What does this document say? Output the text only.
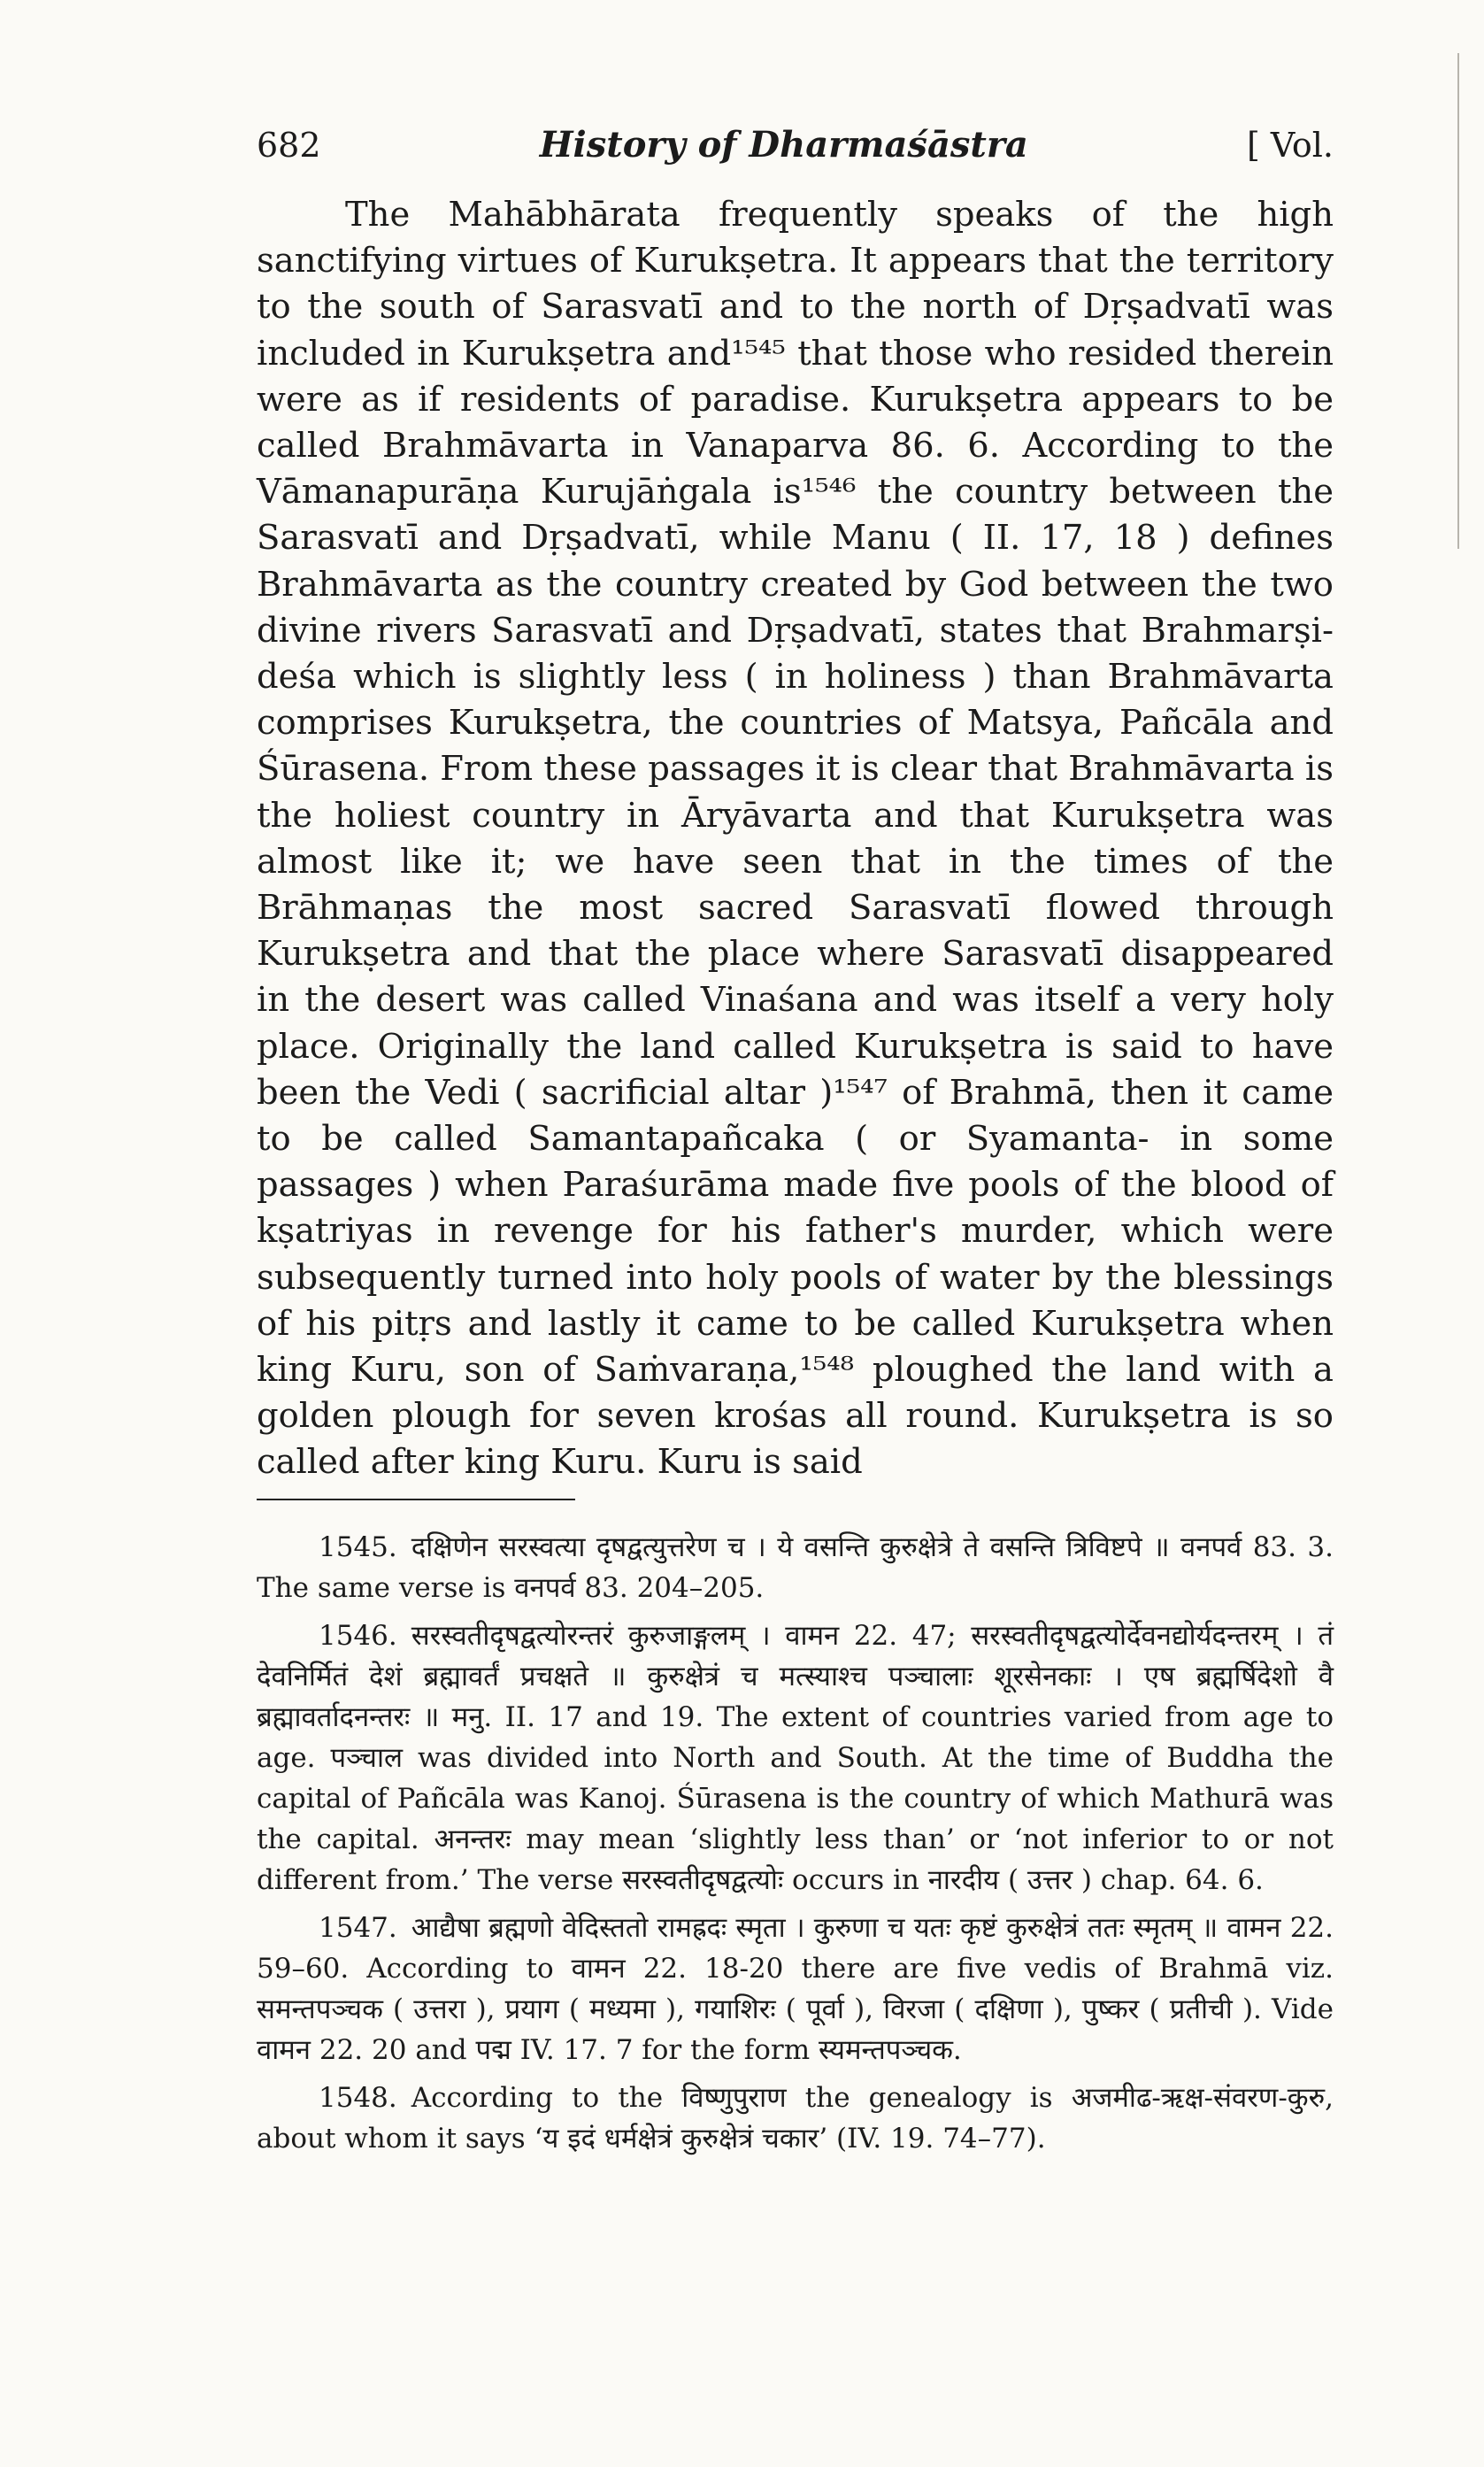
682	History of Dharmaśāstra	[ Vol.

The Mahābhārata frequently speaks of the high sanctifying virtues of Kurukṣetra. It appears that the territory to the south of Sarasvatī and to the north of Dṛṣadvatī was included in Kurukṣetra and¹⁵⁴⁵ that those who resided therein were as if residents of paradise. Kurukṣetra appears to be called Brahmāvarta in Vanaparva 86. 6. According to the Vāmanapurāṇa Kurujāṅgala is¹⁵⁴⁶ the country between the Sarasvatī and Dṛṣadvatī, while Manu ( II. 17, 18 ) defines Brahmāvarta as the country created by God between the two divine rivers Sarasvatī and Dṛṣadvatī, states that Brahmarṣi-deśa which is slightly less ( in holiness ) than Brahmāvarta comprises Kurukṣetra, the countries of Matsya, Pañcāla and Śūrasena. From these passages it is clear that Brahmāvarta is the holiest country in Āryāvarta and that Kurukṣetra was almost like it; we have seen that in the times of the Brāhmaṇas the most sacred Sarasvatī flowed through Kurukṣetra and that the place where Sarasvatī disappeared in the desert was called Vinaśana and was itself a very holy place. Originally the land called Kurukṣetra is said to have been the Vedi ( sacrificial altar )¹⁵⁴⁷ of Brahmā, then it came to be called Samantapañcaka ( or Syamanta- in some passages ) when Paraśurāma made five pools of the blood of kṣatriyas in revenge for his father's murder, which were subsequently turned into holy pools of water by the blessings of his pitṛs and lastly it came to be called Kurukṣetra when king Kuru, son of Saṁvaraṇa,¹⁵⁴⁸ ploughed the land with a golden plough for seven krośas all round. Kurukṣetra is so called after king Kuru. Kuru is said

1545. दक्षिणेन सरस्वत्या दृषद्वत्युत्तरेण च । ये वसन्ति कुरुक्षेत्रे ते वसन्ति त्रिविष्टपे ॥ वनपर्व 83. 3. The same verse is वनपर्व 83. 204–205.

1546. सरस्वतीदृषद्वत्योरन्तरं कुरुजाङ्गलम् । वामन 22. 47; सरस्वतीदृषद्वत्योर्देवनद्योर्यदन्तरम् । तं देवनिर्मितं देशं ब्रह्मावर्तं प्रचक्षते ॥ कुरुक्षेत्रं च मत्स्याश्च पञ्चालाः शूरसेनकाः । एष ब्रह्मर्षिदेशो वै ब्रह्मावर्तादनन्तरः ॥ मनु. II. 17 and 19. The extent of countries varied from age to age. पञ्चाल was divided into North and South. At the time of Buddha the capital of Pañcāla was Kanoj. Śūrasena is the country of which Mathurā was the capital. अनन्तरः may mean ‘slightly less than’ or ‘not inferior to or not different from.’ The verse सरस्वतीदृषद्वत्योः occurs in नारदीय ( उत्तर ) chap. 64. 6.

1547. आद्यैषा ब्रह्मणो वेदिस्ततो रामह्रदः स्मृता । कुरुणा च यतः कृष्टं कुरुक्षेत्रं ततः स्मृतम् ॥ वामन 22. 59–60. According to वामन 22. 18-20 there are five vedis of Brahmā viz. समन्तपञ्चक ( उत्तरा ), प्रयाग ( मध्यमा ), गयाशिरः ( पूर्वा ), विरजा ( दक्षिणा ), पुष्कर ( प्रतीची ). Vide वामन 22. 20 and पद्म IV. 17. 7 for the form स्यमन्तपञ्चक.

1548. According to the विष्णुपुराण the genealogy is अजमीढ-ऋक्ष-संवरण-कुरु, about whom it says ‘य इदं धर्मक्षेत्रं कुरुक्षेत्रं चकार’ (IV. 19. 74–77).
